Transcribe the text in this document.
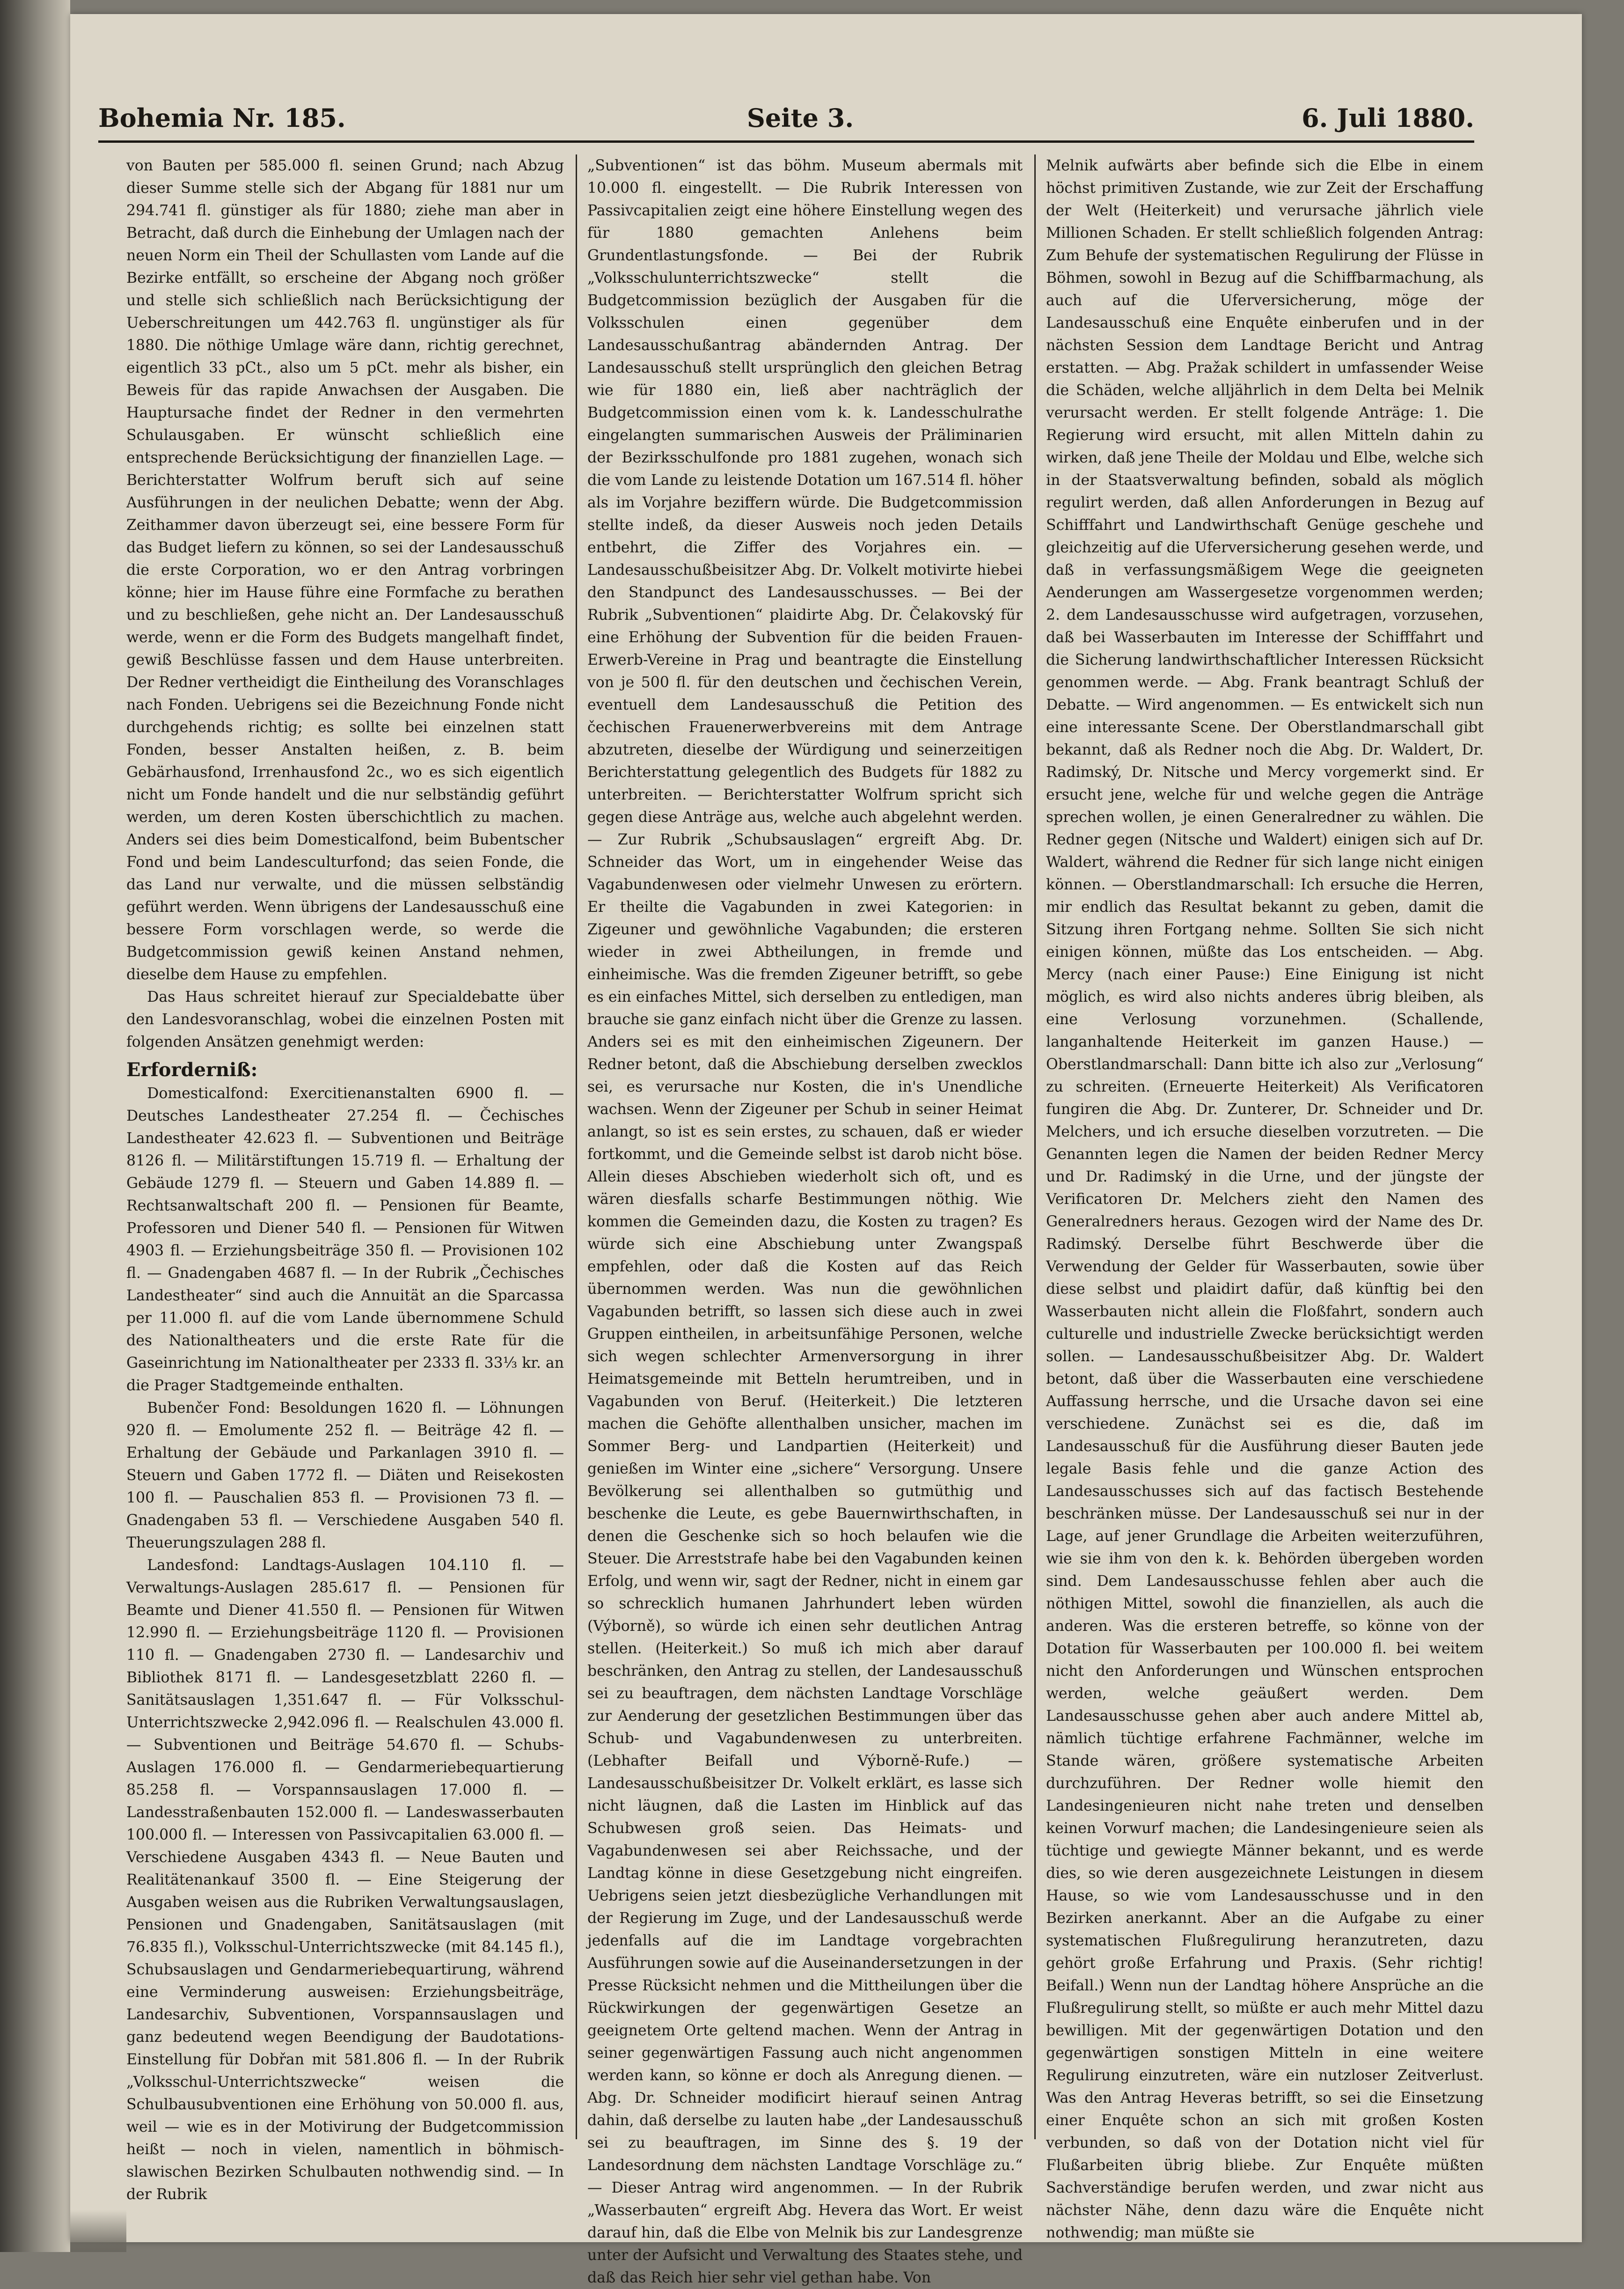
Bohemia Nr. 185.	Seite 3.	6. Juli 1880.

von Bauten per 585.000 fl. seinen Grund; nach Abzug dieser Summe stelle sich der Abgang für 1881 nur um 294.741 fl. günstiger als für 1880; ziehe man aber in Betracht, daß durch die Einhebung der Umlagen nach der neuen Norm ein Theil der Schullasten vom Lande auf die Bezirke entfällt, so erscheine der Abgang noch größer und stelle sich schließlich nach Berücksichtigung der Ueberschreitungen um 442.763 fl. ungünstiger als für 1880. Die nöthige Umlage wäre dann, richtig gerechnet, eigentlich 33 pCt., also um 5 pCt. mehr als bisher, ein Beweis für das rapide Anwachsen der Ausgaben. Die Hauptursache findet der Redner in den vermehrten Schulausgaben. Er wünscht schließlich eine entsprechende Berücksichtigung der finanziellen Lage. — Berichterstatter Wolfrum beruft sich auf seine Ausführungen in der neulichen Debatte; wenn der Abg. Zeithammer davon überzeugt sei, eine bessere Form für das Budget liefern zu können, so sei der Landesausschuß die erste Corporation, wo er den Antrag vorbringen könne; hier im Hause führe eine Formfache zu berathen und zu beschließen, gehe nicht an. Der Landesausschuß werde, wenn er die Form des Budgets mangelhaft findet, gewiß Beschlüsse fassen und dem Hause unterbreiten. Der Redner vertheidigt die Eintheilung des Voranschlages nach Fonden. Uebrigens sei die Bezeichnung Fonde nicht durchgehends richtig; es sollte bei einzelnen statt Fonden, besser Anstalten heißen, z. B. beim Gebärhausfond, Irrenhausfond 2c., wo es sich eigentlich nicht um Fonde handelt und die nur selbständig geführt werden, um deren Kosten überschichtlich zu machen. Anders sei dies beim Domesticalfond, beim Bubentscher Fond und beim Landesculturfond; das seien Fonde, die das Land nur verwalte, und die müssen selbständig geführt werden. Wenn übrigens der Landesausschuß eine bessere Form vorschlagen werde, so werde die Budgetcommission gewiß keinen Anstand nehmen, dieselbe dem Hause zu empfehlen.

Das Haus schreitet hierauf zur Specialdebatte über den Landesvoranschlag, wobei die einzelnen Posten mit folgenden Ansätzen genehmigt werden:

Erforderniß:

Domesticalfond: Exercitienanstalten 6900 fl. — Deutsches Landestheater 27.254 fl. — Čechisches Landestheater 42.623 fl. — Subventionen und Beiträge 8126 fl. — Militärstiftungen 15.719 fl. — Erhaltung der Gebäude 1279 fl. — Steuern und Gaben 14.889 fl. — Rechtsanwaltschaft 200 fl. — Pensionen für Beamte, Professoren und Diener 540 fl. — Pensionen für Witwen 4903 fl. — Erziehungsbeiträge 350 fl. — Provisionen 102 fl. — Gnadengaben 4687 fl. — In der Rubrik „Čechisches Landestheater“ sind auch die Annuität an die Sparcassa per 11.000 fl. auf die vom Lande übernommene Schuld des Nationaltheaters und die erste Rate für die Gaseinrichtung im Nationaltheater per 2333 fl. 33⅓ kr. an die Prager Stadtgemeinde enthalten.

Bubenčer Fond: Besoldungen 1620 fl. — Löhnungen 920 fl. — Emolumente 252 fl. — Beiträge 42 fl. — Erhaltung der Gebäude und Parkanlagen 3910 fl. — Steuern und Gaben 1772 fl. — Diäten und Reisekosten 100 fl. — Pauschalien 853 fl. — Provisionen 73 fl. — Gnadengaben 53 fl. — Verschiedene Ausgaben 540 fl. Theuerungszulagen 288 fl.

Landesfond: Landtags-Auslagen 104.110 fl. — Verwaltungs-Auslagen 285.617 fl. — Pensionen für Beamte und Diener 41.550 fl. — Pensionen für Witwen 12.990 fl. — Erziehungsbeiträge 1120 fl. — Provisionen 110 fl. — Gnadengaben 2730 fl. — Landesarchiv und Bibliothek 8171 fl. — Landesgesetzblatt 2260 fl. — Sanitätsauslagen 1,351.647 fl. — Für Volksschul-Unterrichtszwecke 2,942.096 fl. — Realschulen 43.000 fl. — Subventionen und Beiträge 54.670 fl. — Schubs-Auslagen 176.000 fl. — Gendarmeriebequartierung 85.258 fl. — Vorspannsauslagen 17.000 fl. — Landesstraßenbauten 152.000 fl. — Landeswasserbauten 100.000 fl. — Interessen von Passivcapitalien 63.000 fl. — Verschiedene Ausgaben 4343 fl. — Neue Bauten und Realitätenankauf 3500 fl. — Eine Steigerung der Ausgaben weisen aus die Rubriken Verwaltungsauslagen, Pensionen und Gnadengaben, Sanitätsauslagen (mit 76.835 fl.), Volksschul-Unterrichtszwecke (mit 84.145 fl.), Schubsauslagen und Gendarmeriebequartirung, während eine Verminderung ausweisen: Erziehungsbeiträge, Landesarchiv, Subventionen, Vorspannsauslagen und ganz bedeutend wegen Beendigung der Baudotations-Einstellung für Dobřan mit 581.806 fl. — In der Rubrik „Volksschul-Unterrichtszwecke“ weisen die Schulbausubventionen eine Erhöhung von 50.000 fl. aus, weil — wie es in der Motivirung der Budgetcommission heißt — noch in vielen, namentlich in böhmisch-slawischen Bezirken Schulbauten nothwendig sind. — In der Rubrik

„Subventionen“ ist das böhm. Museum abermals mit 10.000 fl. eingestellt. — Die Rubrik Interessen von Passivcapitalien zeigt eine höhere Einstellung wegen des für 1880 gemachten Anlehens beim Grundentlastungsfonde. — Bei der Rubrik „Volksschulunterrichtszwecke“ stellt die Budgetcommission bezüglich der Ausgaben für die Volksschulen einen gegenüber dem Landesausschußantrag abändernden Antrag. Der Landesausschuß stellt ursprünglich den gleichen Betrag wie für 1880 ein, ließ aber nachträglich der Budgetcommission einen vom k. k. Landesschulrathe eingelangten summarischen Ausweis der Präliminarien der Bezirksschulfonde pro 1881 zugehen, wonach sich die vom Lande zu leistende Dotation um 167.514 fl. höher als im Vorjahre beziffern würde. Die Budgetcommission stellte indeß, da dieser Ausweis noch jeden Details entbehrt, die Ziffer des Vorjahres ein. — Landesausschußbeisitzer Abg. Dr. Volkelt motivirte hiebei den Standpunct des Landesausschusses. — Bei der Rubrik „Subventionen“ plaidirte Abg. Dr. Čelakovský für eine Erhöhung der Subvention für die beiden Frauen-Erwerb-Vereine in Prag und beantragte die Einstellung von je 500 fl. für den deutschen und čechischen Verein, eventuell dem Landesausschuß die Petition des čechischen Frauenerwerbvereins mit dem Antrage abzutreten, dieselbe der Würdigung und seinerzeitigen Berichterstattung gelegentlich des Budgets für 1882 zu unterbreiten. — Berichterstatter Wolfrum spricht sich gegen diese Anträge aus, welche auch abgelehnt werden. — Zur Rubrik „Schubsauslagen“ ergreift Abg. Dr. Schneider das Wort, um in eingehender Weise das Vagabundenwesen oder vielmehr Unwesen zu erörtern. Er theilte die Vagabunden in zwei Kategorien: in Zigeuner und gewöhnliche Vagabunden; die ersteren wieder in zwei Abtheilungen, in fremde und einheimische. Was die fremden Zigeuner betrifft, so gebe es ein einfaches Mittel, sich derselben zu entledigen, man brauche sie ganz einfach nicht über die Grenze zu lassen. Anders sei es mit den einheimischen Zigeunern. Der Redner betont, daß die Abschiebung derselben zwecklos sei, es verursache nur Kosten, die in's Unendliche wachsen. Wenn der Zigeuner per Schub in seiner Heimat anlangt, so ist es sein erstes, zu schauen, daß er wieder fortkommt, und die Gemeinde selbst ist darob nicht böse. Allein dieses Abschieben wiederholt sich oft, und es wären diesfalls scharfe Bestimmungen nöthig. Wie kommen die Gemeinden dazu, die Kosten zu tragen? Es würde sich eine Abschiebung unter Zwangspaß empfehlen, oder daß die Kosten auf das Reich übernommen werden. Was nun die gewöhnlichen Vagabunden betrifft, so lassen sich diese auch in zwei Gruppen eintheilen, in arbeitsunfähige Personen, welche sich wegen schlechter Armenversorgung in ihrer Heimatsgemeinde mit Betteln herumtreiben, und in Vagabunden von Beruf. (Heiterkeit.) Die letzteren machen die Gehöfte allenthalben unsicher, machen im Sommer Berg- und Landpartien (Heiterkeit) und genießen im Winter eine „sichere“ Versorgung. Unsere Bevölkerung sei allenthalben so gutmüthig und beschenke die Leute, es gebe Bauernwirthschaften, in denen die Geschenke sich so hoch belaufen wie die Steuer. Die Arreststrafe habe bei den Vagabunden keinen Erfolg, und wenn wir, sagt der Redner, nicht in einem gar so schrecklich humanen Jahrhundert leben würden (Výborně), so würde ich einen sehr deutlichen Antrag stellen. (Heiterkeit.) So muß ich mich aber darauf beschränken, den Antrag zu stellen, der Landesausschuß sei zu beauftragen, dem nächsten Landtage Vorschläge zur Aenderung der gesetzlichen Bestimmungen über das Schub- und Vagabundenwesen zu unterbreiten. (Lebhafter Beifall und Výborně-Rufe.) — Landesausschußbeisitzer Dr. Volkelt erklärt, es lasse sich nicht läugnen, daß die Lasten im Hinblick auf das Schubwesen groß seien. Das Heimats- und Vagabundenwesen sei aber Reichssache, und der Landtag könne in diese Gesetzgebung nicht eingreifen. Uebrigens seien jetzt diesbezügliche Verhandlungen mit der Regierung im Zuge, und der Landesausschuß werde jedenfalls auf die im Landtage vorgebrachten Ausführungen sowie auf die Auseinandersetzungen in der Presse Rücksicht nehmen und die Mittheilungen über die Rückwirkungen der gegenwärtigen Gesetze an geeignetem Orte geltend machen. Wenn der Antrag in seiner gegenwärtigen Fassung auch nicht angenommen werden kann, so könne er doch als Anregung dienen. — Abg. Dr. Schneider modificirt hierauf seinen Antrag dahin, daß derselbe zu lauten habe „der Landesausschuß sei zu beauftragen, im Sinne des §. 19 der Landesordnung dem nächsten Landtage Vorschläge zu.“ — Dieser Antrag wird angenommen. — In der Rubrik „Wasserbauten“ ergreift Abg. Hevera das Wort. Er weist darauf hin, daß die Elbe von Melnik bis zur Landesgrenze unter der Aufsicht und Verwaltung des Staates stehe, und daß das Reich hier sehr viel gethan habe. Von

Melnik aufwärts aber befinde sich die Elbe in einem höchst primitiven Zustande, wie zur Zeit der Erschaffung der Welt (Heiterkeit) und verursache jährlich viele Millionen Schaden. Er stellt schließlich folgenden Antrag: Zum Behufe der systematischen Regulirung der Flüsse in Böhmen, sowohl in Bezug auf die Schiffbarmachung, als auch auf die Uferversicherung, möge der Landesausschuß eine Enquête einberufen und in der nächsten Session dem Landtage Bericht und Antrag erstatten. — Abg. Pražak schildert in umfassender Weise die Schäden, welche alljährlich in dem Delta bei Melnik verursacht werden. Er stellt folgende Anträge: 1. Die Regierung wird ersucht, mit allen Mitteln dahin zu wirken, daß jene Theile der Moldau und Elbe, welche sich in der Staatsverwaltung befinden, sobald als möglich regulirt werden, daß allen Anforderungen in Bezug auf Schifffahrt und Landwirthschaft Genüge geschehe und gleichzeitig auf die Uferversicherung gesehen werde, und daß in verfassungsmäßigem Wege die geeigneten Aenderungen am Wassergesetze vorgenommen werden; 2. dem Landesausschusse wird aufgetragen, vorzusehen, daß bei Wasserbauten im Interesse der Schifffahrt und die Sicherung landwirthschaftlicher Interessen Rücksicht genommen werde. — Abg. Frank beantragt Schluß der Debatte. — Wird angenommen. — Es entwickelt sich nun eine interessante Scene. Der Oberstlandmarschall gibt bekannt, daß als Redner noch die Abg. Dr. Waldert, Dr. Radimský, Dr. Nitsche und Mercy vorgemerkt sind. Er ersucht jene, welche für und welche gegen die Anträge sprechen wollen, je einen Generalredner zu wählen. Die Redner gegen (Nitsche und Waldert) einigen sich auf Dr. Waldert, während die Redner für sich lange nicht einigen können. — Oberstlandmarschall: Ich ersuche die Herren, mir endlich das Resultat bekannt zu geben, damit die Sitzung ihren Fortgang nehme. Sollten Sie sich nicht einigen können, müßte das Los entscheiden. — Abg. Mercy (nach einer Pause:) Eine Einigung ist nicht möglich, es wird also nichts anderes übrig bleiben, als eine Verlosung vorzunehmen. (Schallende, langanhaltende Heiterkeit im ganzen Hause.) — Oberstlandmarschall: Dann bitte ich also zur „Verlosung“ zu schreiten. (Erneuerte Heiterkeit) Als Verificatoren fungiren die Abg. Dr. Zunterer, Dr. Schneider und Dr. Melchers, und ich ersuche dieselben vorzutreten. — Die Genannten legen die Namen der beiden Redner Mercy und Dr. Radimský in die Urne, und der jüngste der Verificatoren Dr. Melchers zieht den Namen des Generalredners heraus. Gezogen wird der Name des Dr. Radimský. Derselbe führt Beschwerde über die Verwendung der Gelder für Wasserbauten, sowie über diese selbst und plaidirt dafür, daß künftig bei den Wasserbauten nicht allein die Floßfahrt, sondern auch culturelle und industrielle Zwecke berücksichtigt werden sollen. — Landesausschußbeisitzer Abg. Dr. Waldert betont, daß über die Wasserbauten eine verschiedene Auffassung herrsche, und die Ursache davon sei eine verschiedene. Zunächst sei es die, daß im Landesausschuß für die Ausführung dieser Bauten jede legale Basis fehle und die ganze Action des Landesausschusses sich auf das factisch Bestehende beschränken müsse. Der Landesausschuß sei nur in der Lage, auf jener Grundlage die Arbeiten weiterzuführen, wie sie ihm von den k. k. Behörden übergeben worden sind. Dem Landesausschusse fehlen aber auch die nöthigen Mittel, sowohl die finanziellen, als auch die anderen. Was die ersteren betreffe, so könne von der Dotation für Wasserbauten per 100.000 fl. bei weitem nicht den Anforderungen und Wünschen entsprochen werden, welche geäußert werden. Dem Landesausschusse gehen aber auch andere Mittel ab, nämlich tüchtige erfahrene Fachmänner, welche im Stande wären, größere systematische Arbeiten durchzuführen. Der Redner wolle hiemit den Landesingenieuren nicht nahe treten und denselben keinen Vorwurf machen; die Landesingenieure seien als tüchtige und gewiegte Männer bekannt, und es werde dies, so wie deren ausgezeichnete Leistungen in diesem Hause, so wie vom Landesausschusse und in den Bezirken anerkannt. Aber an die Aufgabe zu einer systematischen Flußregulirung heranzutreten, dazu gehört große Erfahrung und Praxis. (Sehr richtig! Beifall.) Wenn nun der Landtag höhere Ansprüche an die Flußregulirung stellt, so müßte er auch mehr Mittel dazu bewilligen. Mit der gegenwärtigen Dotation und den gegenwärtigen sonstigen Mitteln in eine weitere Regulirung einzutreten, wäre ein nutzloser Zeitverlust. Was den Antrag Heveras betrifft, so sei die Einsetzung einer Enquête schon an sich mit großen Kosten verbunden, so daß von der Dotation nicht viel für Flußarbeiten übrig bliebe. Zur Enquête müßten Sachverständige berufen werden, und zwar nicht aus nächster Nähe, denn dazu wäre die Enquête nicht nothwendig; man müßte sie
